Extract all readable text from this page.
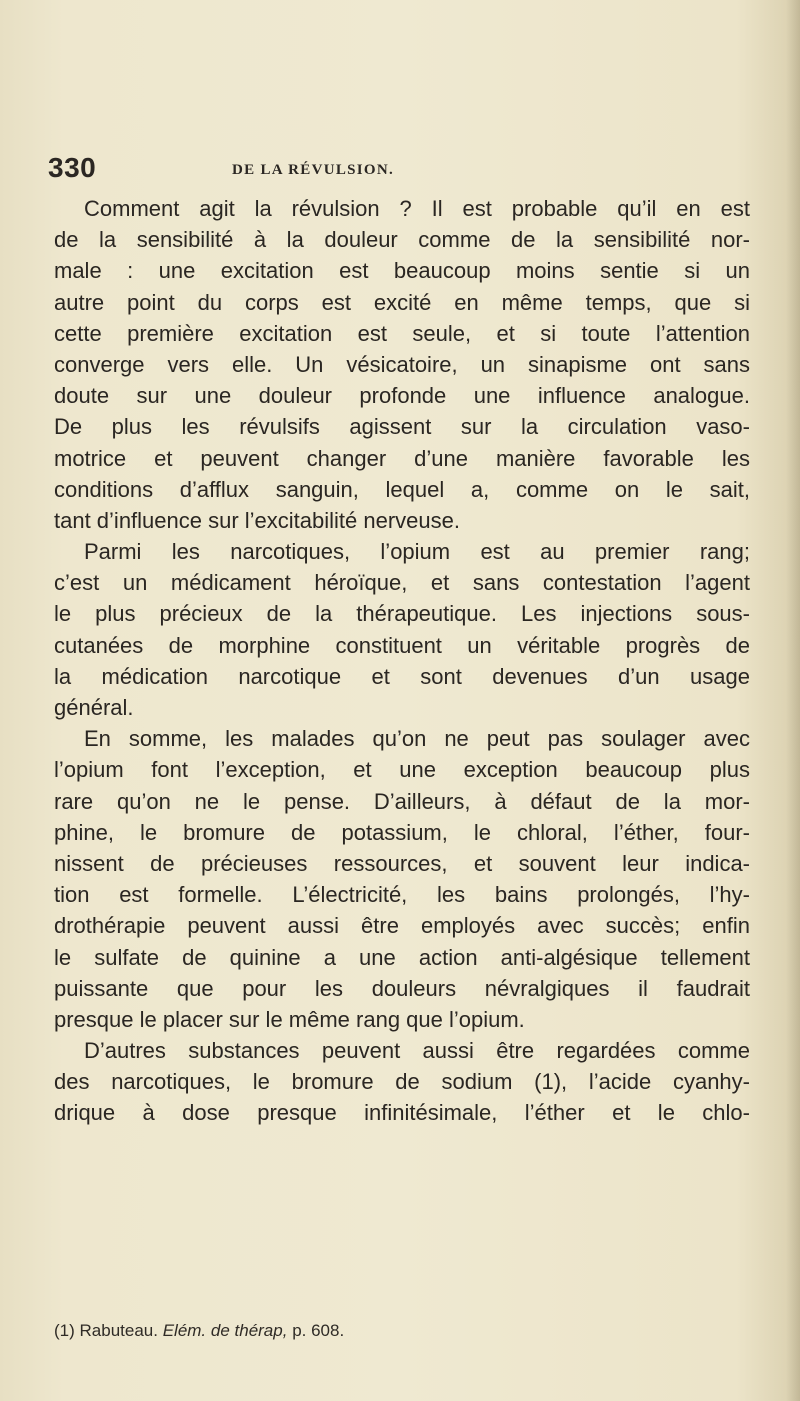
330	DE LA RÉVULSION.
Comment agit la révulsion ? Il est probable qu’il en est
de la sensibilité à la douleur comme de la sensibilité nor-
male : une excitation est beaucoup moins sentie si un
autre point du corps est excité en même temps, que si
cette première excitation est seule, et si toute l’attention
converge vers elle. Un vésicatoire, un sinapisme ont sans
doute sur une douleur profonde une influence analogue.
De plus les révulsifs agissent sur la circulation vaso-
motrice et peuvent changer d’une manière favorable les
conditions d’afflux sanguin, lequel a, comme on le sait,
tant d’influence sur l’excitabilité nerveuse.
Parmi les narcotiques, l’opium est au premier rang;
c’est un médicament héroïque, et sans contestation l’agent
le plus précieux de la thérapeutique. Les injections sous-
cutanées de morphine constituent un véritable progrès de
la médication narcotique et sont devenues d’un usage
général.
En somme, les malades qu’on ne peut pas soulager avec
l’opium font l’exception, et une exception beaucoup plus
rare qu’on ne le pense. D’ailleurs, à défaut de la mor-
phine, le bromure de potassium, le chloral, l’éther, four-
nissent de précieuses ressources, et souvent leur indica-
tion est formelle. L’électricité, les bains prolongés, l’hy-
drothérapie peuvent aussi être employés avec succès; enfin
le sulfate de quinine a une action anti-algésique tellement
puissante que pour les douleurs névralgiques il faudrait
presque le placer sur le même rang que l’opium.
D’autres substances peuvent aussi être regardées comme
des narcotiques, le bromure de sodium (1), l’acide cyanhy-
drique à dose presque infinitésimale, l’éther et le chlo-
(1) Rabuteau. Elém. de thérap, p. 608.
